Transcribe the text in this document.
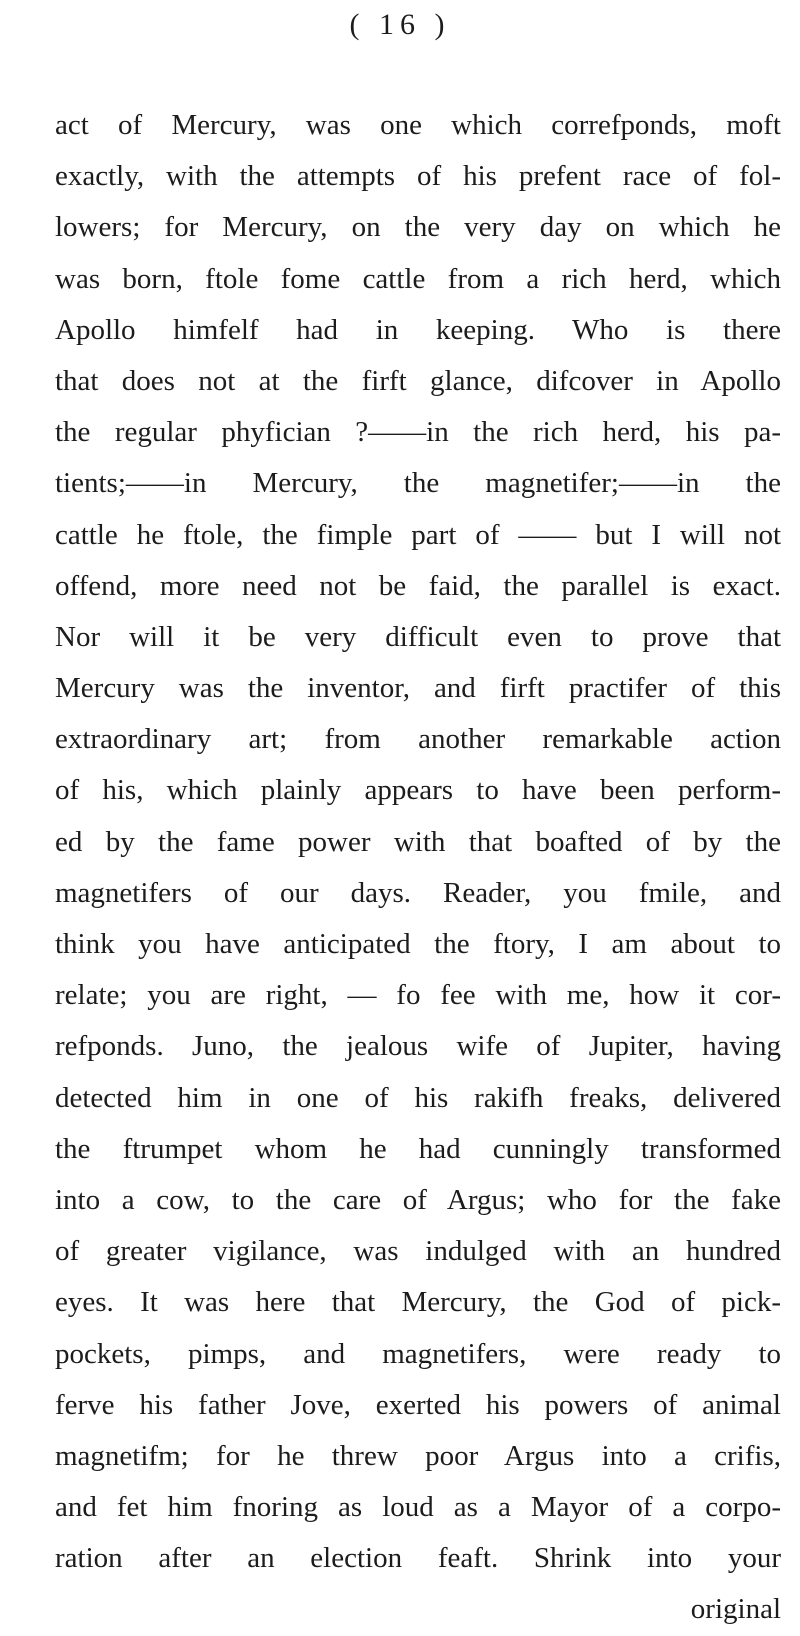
( 16 )
act of Mercury, was one which correfponds, moft
exactly, with the attempts of his prefent race of fol-
lowers; for Mercury, on the very day on which he
was born, ftole fome cattle from a rich herd, which
Apollo himfelf had in keeping. Who is there
that does not at the firft glance, difcover in Apollo
the regular phyfician ?——in the rich herd, his pa-
tients;——in Mercury, the magnetifer;——in the
cattle he ftole, the fimple part of —— but I will not
offend, more need not be faid, the parallel is exact.
Nor will it be very difficult even to prove that
Mercury was the inventor, and firft practifer of this
extraordinary art; from another remarkable action
of his, which plainly appears to have been perform-
ed by the fame power with that boafted of by the
magnetifers of our days. Reader, you fmile, and
think you have anticipated the ftory, I am about to
relate; you are right, — fo fee with me, how it cor-
refponds. Juno, the jealous wife of Jupiter, having
detected him in one of his rakifh freaks, delivered
the ftrumpet whom he had cunningly transformed
into a cow, to the care of Argus; who for the fake
of greater vigilance, was indulged with an hundred
eyes. It was here that Mercury, the God of pick-
pockets, pimps, and magnetifers, were ready to
ferve his father Jove, exerted his powers of animal
magnetifm; for he threw poor Argus into a crifis,
and fet him fnoring as loud as a Mayor of a corpo-
ration after an election feaft. Shrink into your
original
